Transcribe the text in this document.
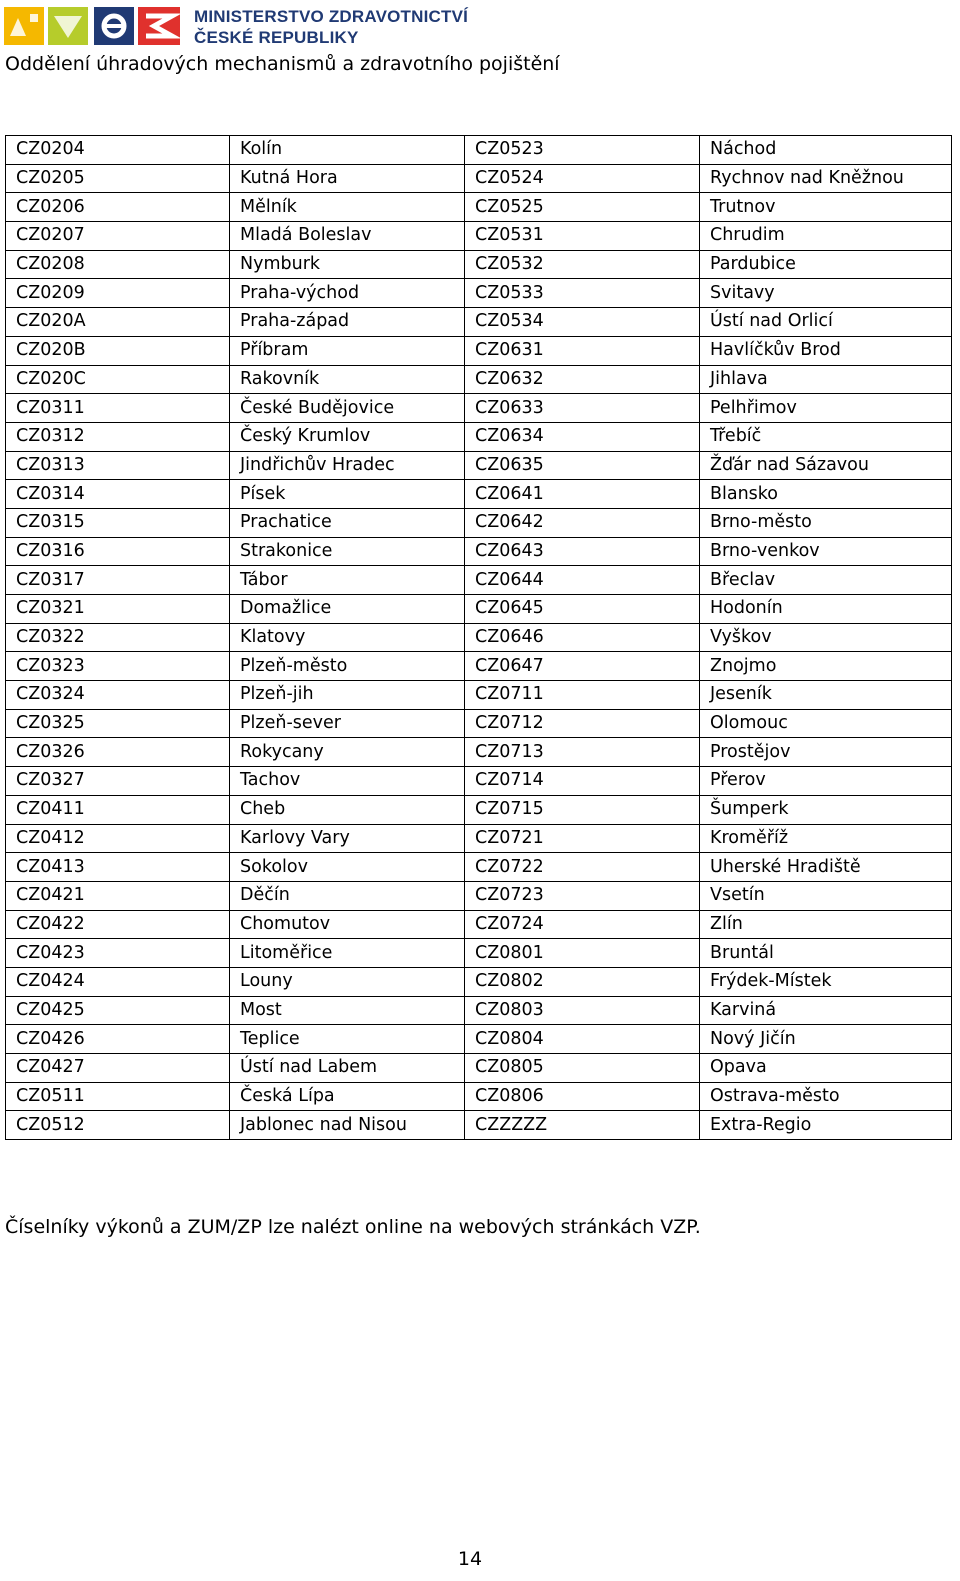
MINISTERSTVO ZDRAVOTNICTVÍ
ČESKÉ REPUBLIKY
Oddělení úhradových mechanismů a zdravotního pojištění
CZ0204	Kolín	CZ0523	Náchod
CZ0205	Kutná Hora	CZ0524	Rychnov nad Kněžnou
CZ0206	Mělník	CZ0525	Trutnov
CZ0207	Mladá Boleslav	CZ0531	Chrudim
CZ0208	Nymburk	CZ0532	Pardubice
CZ0209	Praha-východ	CZ0533	Svitavy
CZ020A	Praha-západ	CZ0534	Ústí nad Orlicí
CZ020B	Příbram	CZ0631	Havlíčkův Brod
CZ020C	Rakovník	CZ0632	Jihlava
CZ0311	České Budějovice	CZ0633	Pelhřimov
CZ0312	Český Krumlov	CZ0634	Třebíč
CZ0313	Jindřichův Hradec	CZ0635	Žďár nad Sázavou
CZ0314	Písek	CZ0641	Blansko
CZ0315	Prachatice	CZ0642	Brno-město
CZ0316	Strakonice	CZ0643	Brno-venkov
CZ0317	Tábor	CZ0644	Břeclav
CZ0321	Domažlice	CZ0645	Hodonín
CZ0322	Klatovy	CZ0646	Vyškov
CZ0323	Plzeň-město	CZ0647	Znojmo
CZ0324	Plzeň-jih	CZ0711	Jeseník
CZ0325	Plzeň-sever	CZ0712	Olomouc
CZ0326	Rokycany	CZ0713	Prostějov
CZ0327	Tachov	CZ0714	Přerov
CZ0411	Cheb	CZ0715	Šumperk
CZ0412	Karlovy Vary	CZ0721	Kroměříž
CZ0413	Sokolov	CZ0722	Uherské Hradiště
CZ0421	Děčín	CZ0723	Vsetín
CZ0422	Chomutov	CZ0724	Zlín
CZ0423	Litoměřice	CZ0801	Bruntál
CZ0424	Louny	CZ0802	Frýdek-Místek
CZ0425	Most	CZ0803	Karviná
CZ0426	Teplice	CZ0804	Nový Jičín
CZ0427	Ústí nad Labem	CZ0805	Opava
CZ0511	Česká Lípa	CZ0806	Ostrava-město
CZ0512	Jablonec nad Nisou	CZZZZZ	Extra-Regio
Číselníky výkonů a ZUM/ZP lze nalézt online na webových stránkách VZP.
14
